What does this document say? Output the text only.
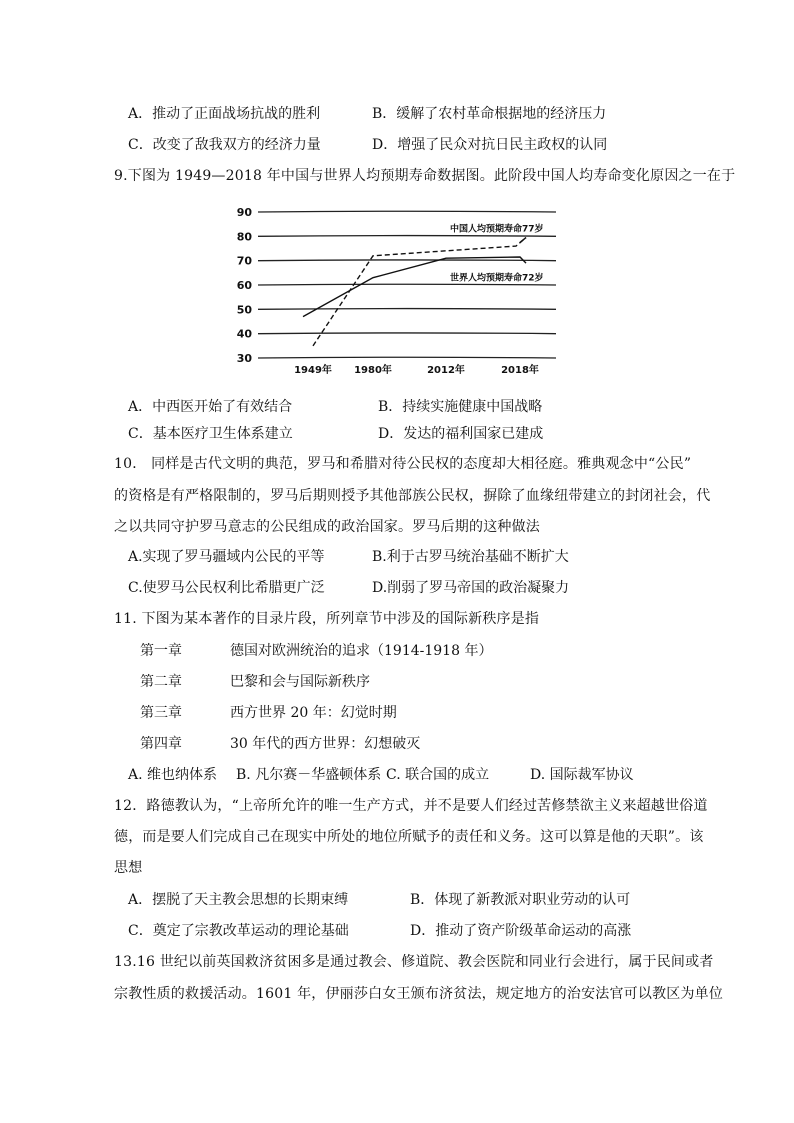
A．推动了正面战场抗战的胜利	B．缓解了农村革命根据地的经济压力
C．改变了敌我双方的经济力量	D．增强了民众对抗日民主政权的认同
9.下图为 1949—2018 年中国与世界人均预期寿命数据图。此阶段中国人均寿命变化原因之一在于
30
40
50
60
70
80
90
1949年 1980年	2012年	2018年
中国人均预期寿命77岁
世界人均预期寿命72岁
A．中西医开始了有效结合	B．持续实施健康中国战略
C．基本医疗卫生体系建立	D．发达的福利国家已建成
10． 同样是古代文明的典范，罗马和希腊对待公民权的态度却大相径庭。雅典观念中“公民”
的资格是有严格限制的，罗马后期则授予其他部族公民权，摒除了血缘纽带建立的封闭社会，代
之以共同守护罗马意志的公民组成的政治国家。罗马后期的这种做法
A.实现了罗马疆域内公民的平等	B.利于古罗马统治基础不断扩大
C.使罗马公民权利比希腊更广泛	D.削弱了罗马帝国的政治凝聚力
11. 下图为某本著作的目录片段，所列章节中涉及的国际新秩序是指
第一章	德国对欧洲统治的追求（1914-1918 年）
第二章	巴黎和会与国际新秩序
第三章	西方世界 20 年：幻觉时期
第四章	30 年代的西方世界：幻想破灭
A. 维也纳体系 B. 凡尔赛－华盛顿体系 C. 联合国的成立	D. 国际裁军协议
12．路德教认为，“上帝所允许的唯一生产方式，并不是要人们经过苦修禁欲主义来超越世俗道
德，而是要人们完成自己在现实中所处的地位所赋予的责任和义务。这可以算是他的天职”。该
思想
A．摆脱了天主教会思想的长期束缚	B．体现了新教派对职业劳动的认可
C．奠定了宗教改革运动的理论基础	D．推动了资产阶级革命运动的高涨
13.16 世纪以前英国救济贫困多是通过教会、修道院、教会医院和同业行会进行，属于民间或者
宗教性质的救援活动。1601 年，伊丽莎白女王颁布济贫法，规定地方的治安法官可以教区为单位
